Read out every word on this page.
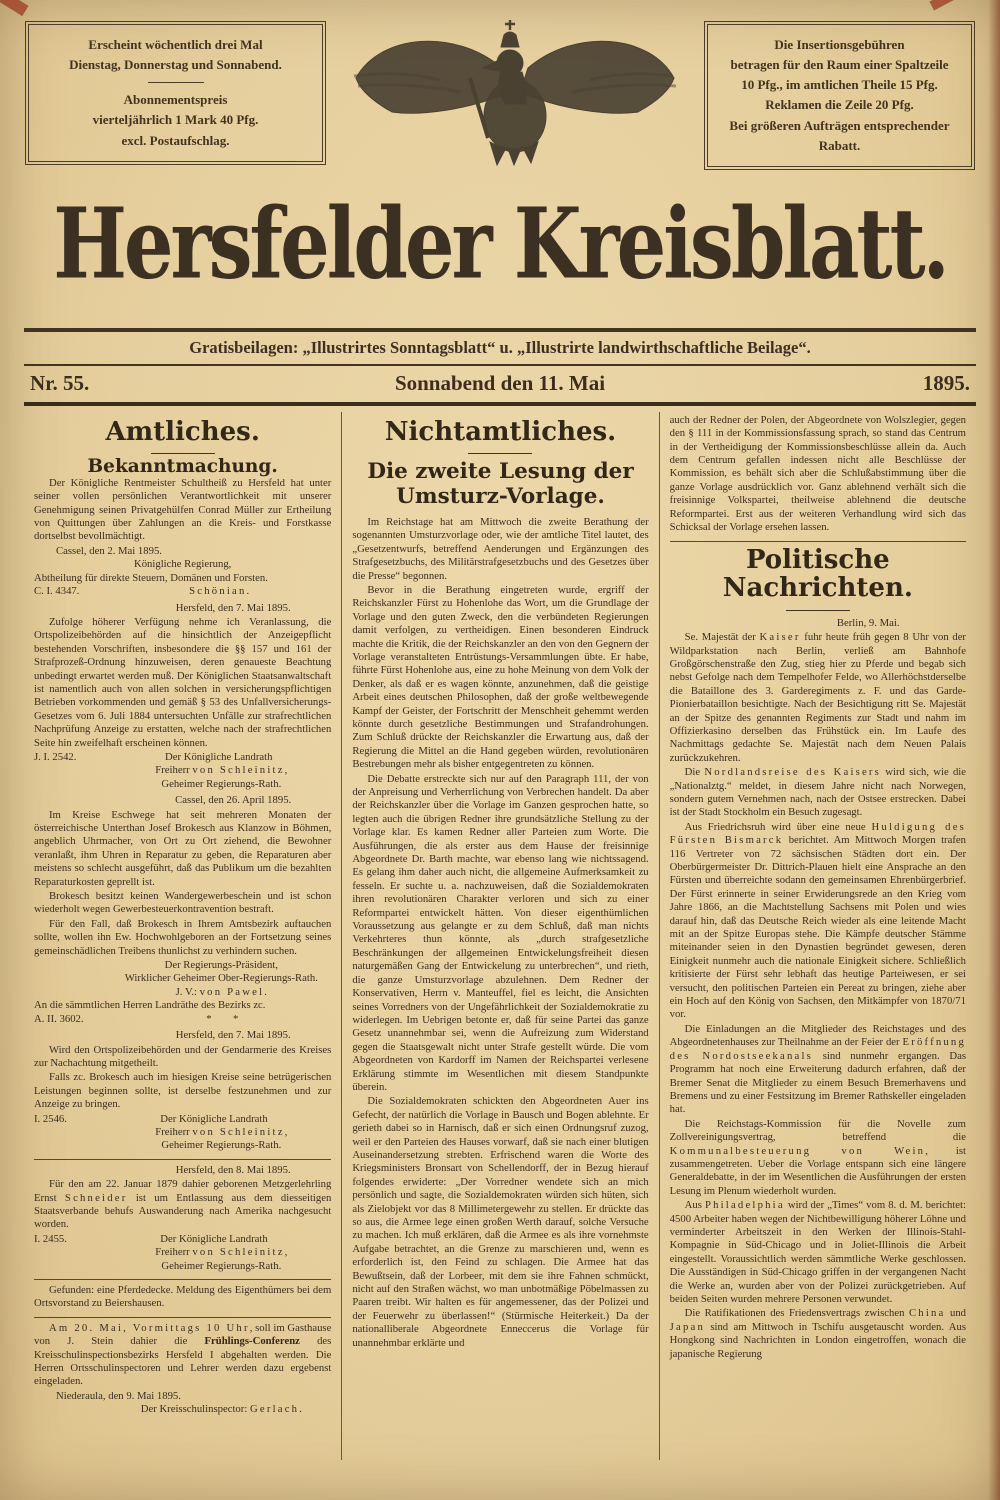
Erscheint wöchentlich drei Mal
Dienstag, Donnerstag und Sonnabend.
Abonnementspreis
vierteljährlich 1 Mark 40 Pfg.
excl. Postaufschlag.
Die Insertionsgebühren
betragen für den Raum einer Spaltzeile
10 Pfg., im amtlichen Theile 15 Pfg.
Reklamen die Zeile 20 Pfg.
Bei größeren Aufträgen entsprechender
Rabatt.
Hersfelder Kreisblatt.
Gratisbeilagen: „Illustrirtes Sonntagsblatt“ u. „Illustrirte landwirthschaftliche Beilage“.
Nr. 55.	Sonnabend den 11. Mai	1895.
Amtliches.
Bekanntmachung.
Der Königliche Rentmeister Schultheiß zu Hersfeld hat unter seiner vollen persönlichen Verantwortlichkeit mit unserer Genehmigung seinen Privatgehülfen Conrad Müller zur Ertheilung von Quittungen über Zahlungen an die Kreis- und Forstkasse dortselbst bevollmächtigt.
Cassel, den 2. Mai 1895.
Königliche Regierung,
Abtheilung für direkte Steuern, Domänen und Forsten.
C. I. 4347.	Schönian.
Hersfeld, den 7. Mai 1895.
Zufolge höherer Verfügung nehme ich Veranlassung, die Ortspolizeibehörden auf die hinsichtlich der Anzeigepflicht bestehenden Vorschriften, insbesondere die §§ 157 und 161 der Strafprozeß-Ordnung hinzuweisen, deren genaueste Beachtung unbedingt erwartet werden muß. Der Königlichen Staatsanwaltschaft ist namentlich auch von allen solchen in versicherungspflichtigen Betrieben vorkommenden und gemäß § 53 des Unfallversicherungs-Gesetzes vom 6. Juli 1884 untersuchten Unfälle zur strafrechtlichen Nachprüfung Anzeige zu erstatten, welche nach der strafrechtlichen Seite hin zweifelhaft erscheinen können.
J. I. 2542.	Der Königliche Landrath
Freiherr von Schleinitz,
Geheimer Regierungs-Rath.
Cassel, den 26. April 1895.
Im Kreise Eschwege hat seit mehreren Monaten der österreichische Unterthan Josef Brokesch aus Klanzow in Böhmen, angeblich Uhrmacher, von Ort zu Ort ziehend, die Bewohner veranlaßt, ihm Uhren in Reparatur zu geben, die Reparaturen aber meistens so schlecht ausgeführt, daß das Publikum um die bezahlten Reparaturkosten geprellt ist.
Brokesch besitzt keinen Wandergewerbeschein und ist schon wiederholt wegen Gewerbesteuerkontravention bestraft.
Für den Fall, daß Brokesch in Ihrem Amtsbezirk auftauchen sollte, wollen ihn Ew. Hochwohlgeboren an der Fortsetzung seines gemeinschädlichen Treibens thunlichst zu verhindern suchen.
Der Regierungs-Präsident,
Wirklicher Geheimer Ober-Regierungs-Rath.
J. V.: von Pawel.
An die sämmtlichen Herren Landräthe des Bezirks zc.
A. II. 3602.	*  *
Hersfeld, den 7. Mai 1895.
Wird den Ortspolizeibehörden und der Gendarmerie des Kreises zur Nachachtung mitgetheilt.
Falls zc. Brokesch auch im hiesigen Kreise seine betrügerischen Leistungen beginnen sollte, ist derselbe festzunehmen und zur Anzeige zu bringen.
I. 2546.	Der Königliche Landrath
Freiherr von Schleinitz,
Geheimer Regierungs-Rath.
Hersfeld, den 8. Mai 1895.
Für den am 22. Januar 1879 dahier geborenen Metzgerlehrling Ernst Schneider ist um Entlassung aus dem diesseitigen Staatsverbande behufs Auswanderung nach Amerika nachgesucht worden.
I. 2455.	Der Königliche Landrath
Freiherr von Schleinitz,
Geheimer Regierungs-Rath.
Gefunden: eine Pferdedecke. Meldung des Eigenthümers bei dem Ortsvorstand zu Beiershausen.
Am 20. Mai, Vormittags 10 Uhr, soll im Gasthause von J. Stein dahier die Frühlings-Conferenz des Kreisschulinspectionsbezirks Hersfeld I abgehalten werden. Die Herren Ortsschulinspectoren und Lehrer werden dazu ergebenst eingeladen.
Niederaula, den 9. Mai 1895.
Der Kreisschulinspector: Gerlach.
Nichtamtliches.
Die zweite Lesung der Umsturz-Vorlage.
Im Reichstage hat am Mittwoch die zweite Berathung der sogenannten Umsturzvorlage oder, wie der amtliche Titel lautet, des „Gesetzentwurfs, betreffend Aenderungen und Ergänzungen des Strafgesetzbuchs, des Militärstrafgesetzbuchs und des Gesetzes über die Presse“ begonnen.
Bevor in die Berathung eingetreten wurde, ergriff der Reichskanzler Fürst zu Hohenlohe das Wort, um die Grundlage der Vorlage und den guten Zweck, den die verbündeten Regierungen damit verfolgen, zu vertheidigen. Einen besonderen Eindruck machte die Kritik, die der Reichskanzler an den von den Gegnern der Vorlage veranstalteten Entrüstungs-Versammlungen übte. Er habe, führte Fürst Hohenlohe aus, eine zu hohe Meinung von dem Volk der Denker, als daß er es wagen könnte, anzunehmen, daß die geistige Arbeit eines deutschen Philosophen, daß der große weltbewegende Kampf der Geister, der Fortschritt der Menschheit gehemmt werden könnte durch gesetzliche Bestimmungen und Strafandrohungen. Zum Schluß drückte der Reichskanzler die Erwartung aus, daß der Regierung die Mittel an die Hand gegeben würden, revolutionären Bestrebungen mehr als bisher entgegentreten zu können.
Die Debatte erstreckte sich nur auf den Paragraph 111, der von der Anpreisung und Verherrlichung von Verbrechen handelt. Da aber der Reichskanzler über die Vorlage im Ganzen gesprochen hatte, so legten auch die übrigen Redner ihre grundsätzliche Stellung zu der Vorlage klar. Es kamen Redner aller Parteien zum Worte. Die Ausführungen, die als erster aus dem Hause der freisinnige Abgeordnete Dr. Barth machte, war ebenso lang wie nichtssagend. Es gelang ihm daher auch nicht, die allgemeine Aufmerksamkeit zu fesseln. Er suchte u. a. nachzuweisen, daß die Sozialdemokraten ihren revolutionären Charakter verloren und sich zu einer Reformpartei entwickelt hätten. Von dieser eigenthümlichen Voraussetzung aus gelangte er zu dem Schluß, daß man nichts Verkehrteres thun könnte, als „durch strafgesetzliche Beschränkungen der allgemeinen Entwickelungsfreiheit diesen naturgemäßen Gang der Entwickelung zu unterbrechen“, und rieth, die ganze Umsturzvorlage abzulehnen. Dem Redner der Konservativen, Herrn v. Manteuffel, fiel es leicht, die Ansichten seines Vorredners von der Ungefährlichkeit der Sozialdemokratie zu widerlegen. Im Uebrigen betonte er, daß für seine Partei das ganze Gesetz unannehmbar sei, wenn die Aufreizung zum Widerstand gegen die Staatsgewalt nicht unter Strafe gestellt würde. Die vom Abgeordneten von Kardorff im Namen der Reichspartei verlesene Erklärung stimmte im Wesentlichen mit diesem Standpunkte überein.
Die Sozialdemokraten schickten den Abgeordneten Auer ins Gefecht, der natürlich die Vorlage in Bausch und Bogen ablehnte. Er gerieth dabei so in Harnisch, daß er sich einen Ordnungsruf zuzog, weil er den Parteien des Hauses vorwarf, daß sie nach einer blutigen Auseinandersetzung strebten. Erfrischend waren die Worte des Kriegsministers Bronsart von Schellendorff, der in Bezug hierauf folgendes erwiderte: „Der Vorredner wendete sich an mich persönlich und sagte, die Sozialdemokraten würden sich hüten, sich als Zielobjekt vor das 8 Millimetergewehr zu stellen. Er drückte das so aus, die Armee lege einen großen Werth darauf, solche Versuche zu machen. Ich muß erklären, daß die Armee es als ihre vornehmste Aufgabe betrachtet, an die Grenze zu marschieren und, wenn es erforderlich ist, den Feind zu schlagen. Die Armee hat das Bewußtsein, daß der Lorbeer, mit dem sie ihre Fahnen schmückt, nicht auf den Straßen wächst, wo man unbotmäßige Pöbelmassen zu Paaren treibt. Wir halten es für angemessener, das der Polizei und der Feuerwehr zu überlassen!“ (Stürmische Heiterkeit.) Da der nationalliberale Abgeordnete Enneccerus die Vorlage für unannehmbar erklärte und
auch der Redner der Polen, der Abgeordnete von Wolszlegier, gegen den § 111 in der Kommissionsfassung sprach, so stand das Centrum in der Vertheidigung der Kommissionsbeschlüsse allein da. Auch dem Centrum gefallen indessen nicht alle Beschlüsse der Kommission, es behält sich aber die Schlußabstimmung über die ganze Vorlage ausdrücklich vor. Ganz ablehnend verhält sich die freisinnige Volkspartei, theilweise ablehnend die deutsche Reformpartei. Erst aus der weiteren Verhandlung wird sich das Schicksal der Vorlage ersehen lassen.
Politische Nachrichten.
Berlin, 9. Mai.
Se. Majestät der Kaiser fuhr heute früh gegen 8 Uhr von der Wildparkstation nach Berlin, verließ am Bahnhofe Großgörschenstraße den Zug, stieg hier zu Pferde und begab sich nebst Gefolge nach dem Tempelhofer Felde, wo Allerhöchstderselbe die Bataillone des 3. Garderegiments z. F. und das Garde-Pionierbataillon besichtigte. Nach der Besichtigung ritt Se. Majestät an der Spitze des genannten Regiments zur Stadt und nahm im Offizierkasino derselben das Frühstück ein. Im Laufe des Nachmittags gedachte Se. Majestät nach dem Neuen Palais zurückzukehren.
Die Nordlandsreise des Kaisers wird sich, wie die „Nationalztg.“ meldet, in diesem Jahre nicht nach Norwegen, sondern gutem Vernehmen nach, nach der Ostsee erstrecken. Dabei ist der Stadt Stockholm ein Besuch zugesagt.
Aus Friedrichsruh wird über eine neue Huldigung des Fürsten Bismarck berichtet. Am Mittwoch Morgen trafen 116 Vertreter von 72 sächsischen Städten dort ein. Der Oberbürgermeister Dr. Dittrich-Plauen hielt eine Ansprache an den Fürsten und überreichte sodann den gemeinsamen Ehrenbürgerbrief. Der Fürst erinnerte in seiner Erwiderungsrede an den Krieg vom Jahre 1866, an die Machtstellung Sachsens mit Polen und wies darauf hin, daß das Deutsche Reich wieder als eine leitende Macht mit an der Spitze Europas stehe. Die Kämpfe deutscher Stämme miteinander seien in den Dynastien begründet gewesen, deren Einigkeit nunmehr auch die nationale Einigkeit sichere. Schließlich kritisierte der Fürst sehr lebhaft das heutige Parteiwesen, er sei versucht, den politischen Parteien ein Pereat zu bringen, ziehe aber ein Hoch auf den König von Sachsen, den Mitkämpfer von 1870/71 vor.
Die Einladungen an die Mitglieder des Reichstages und des Abgeordnetenhauses zur Theilnahme an der Feier der Eröffnung des Nordostseekanals sind nunmehr ergangen. Das Programm hat noch eine Erweiterung dadurch erfahren, daß der Bremer Senat die Mitglieder zu einem Besuch Bremerhavens und Bremens und zu einer Festsitzung im Bremer Rathskeller eingeladen hat.
Die Reichstags-Kommission für die Novelle zum Zollvereinigungsvertrag, betreffend die Kommunalbesteuerung von Wein, ist zusammengetreten. Ueber die Vorlage entspann sich eine längere Generaldebatte, in der im Wesentlichen die Ausführungen der ersten Lesung im Plenum wiederholt wurden.
Aus Philadelphia wird der „Times“ vom 8. d. M. berichtet: 4500 Arbeiter haben wegen der Nichtbewilligung höherer Löhne und verminderter Arbeitszeit in den Werken der Illinois-Stahl-Kompagnie in Süd-Chicago und in Joliet-Illinois die Arbeit eingestellt. Voraussichtlich werden sämmtliche Werke geschlossen. Die Ausständigen in Süd-Chicago griffen in der vergangenen Nacht die Werke an, wurden aber von der Polizei zurückgetrieben. Auf beiden Seiten wurden mehrere Personen verwundet.
Die Ratifikationen des Friedensvertrags zwischen China und Japan sind am Mittwoch in Tschifu ausgetauscht worden. Aus Hongkong sind Nachrichten in London eingetroffen, wonach die japanische Regierung
